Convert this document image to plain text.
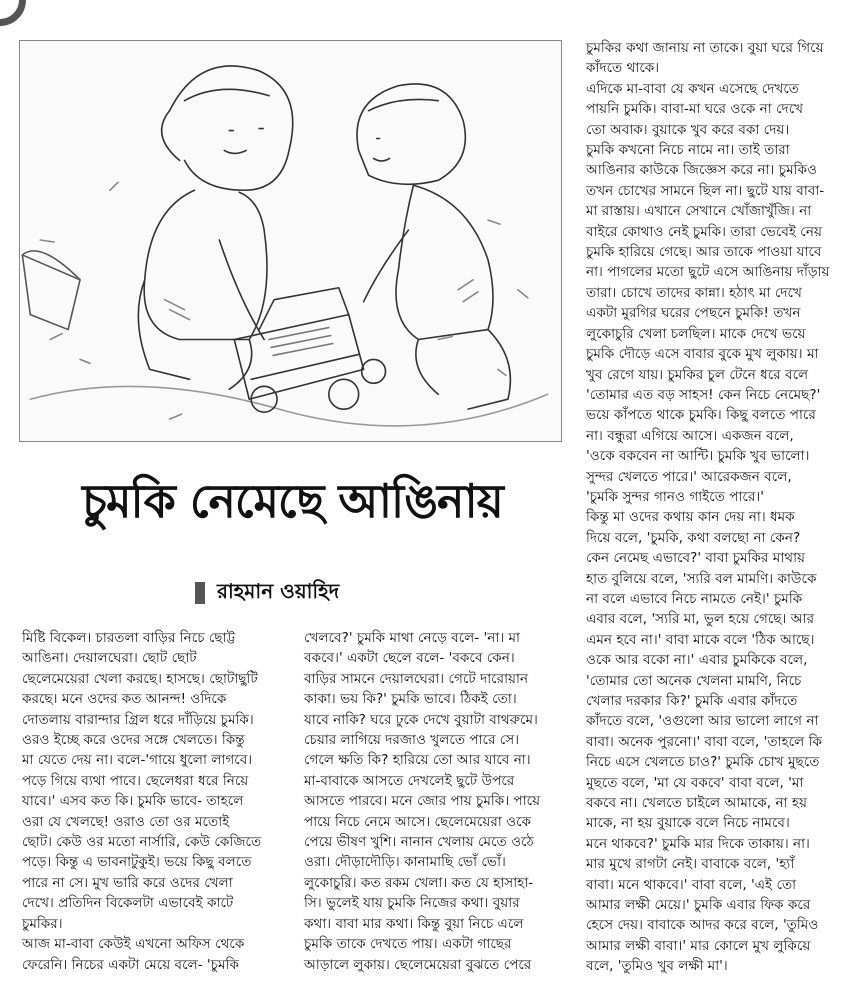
চুমকি নেমেছে আঙিনায়
রাহমান ওয়াহিদ

মিষ্টি বিকেল। চারতলা বাড়ির নিচে ছোট্ট

আঙিনা। দেয়ালঘেরা। ছোট ছোট

ছেলেমেয়েরা খেলা করছে। হাসছে। ছোটাছুটি

করছে। মনে ওদের কত আনন্দ! ওদিকে

দোতলায় বারান্দার গ্রিল ধরে দাঁড়িয়ে চুমকি।

ওরও ইচ্ছে করে ওদের সঙ্গে খেলতে। কিন্তু

মা যেতে দেয় না। বলে-'গায়ে ধুলো লাগবে।

পড়ে গিয়ে ব্যথা পাবে। ছেলেধরা ধরে নিয়ে

যাবে।' এসব কত কি। চুমকি ভাবে- তাহলে

ওরা যে খেলছে! ওরাও তো ওর মতোই

ছোট। কেউ ওর মতো নার্সারি, কেউ কেজিতে

পড়ে। কিন্তু এ ভাবনাটুকুই। ভয়ে কিছু বলতে

পারে না সে। মুখ ভারি করে ওদের খেলা

দেখে। প্রতিদিন বিকেলটা এভাবেই কাটে

চুমকির।

আজ মা-বাবা কেউই এখনো অফিস থেকে

ফেরেনি। নিচের একটা মেয়ে বলে- 'চুমকি

খেলবে?' চুমকি মাথা নেড়ে বলে- 'না। মা

বকবে।' একটা ছেলে বলে- 'বকবে কেন।

বাড়ির সামনে দেয়ালঘেরা। গেটে দারোয়ান

কাকা। ভয় কি?' চুমকি ভাবে। ঠিকই তো।

যাবে নাকি? ঘরে ঢুকে দেখে বুয়াটা বাথরুমে।

চেয়ার লাগিয়ে দরজাও খুলতে পারে সে।

গেলে ক্ষতি কি? হারিয়ে তো আর যাবে না।

মা-বাবাকে আসতে দেখলেই ছুটে উপরে

আসতে পারবে। মনে জোর পায় চুমকি। পায়ে

পায়ে নিচে নেমে আসে। ছেলেমেয়েরা ওকে

পেয়ে ভীষণ খুশি। নানান খেলায় মেতে ওঠে

ওরা। দৌড়াদৌড়ি। কানামাছি ভোঁ ভোঁ।

লুকোচুরি। কত রকম খেলা। কত যে হাসাহা-

সি। ভুলেই যায় চুমকি নিজের কথা। বুয়ার

কথা। বাবা মার কথা। কিন্তু বুয়া নিচে এলে

চুমকি তাকে দেখতে পায়। একটা গাছের

আড়ালে লুকায়। ছেলেমেয়েরা বুঝতে পেরে

চুমকির কথা জানায় না তাকে। বুয়া ঘরে গিয়ে

কাঁদতে থাকে।

এদিকে মা-বাবা যে কখন এসেছে দেখতে

পায়নি চুমকি। বাবা-মা ঘরে ওকে না দেখে

তো অবাক। বুয়াকে খুব করে বকা দেয়।

চুমকি কখনো নিচে নামে না। তাই তারা

আঙিনার কাউকে জিজ্ঞেস করে না। চুমকিও

তখন চোখের সামনে ছিল না। ছুটে যায় বাবা-

মা রাস্তায়। এখানে সেখানে খোঁজাখুঁজি। না

বাইরে কোথাও নেই চুমকি। তারা ভেবেই নেয়

চুমকি হারিয়ে গেছে। আর তাকে পাওয়া যাবে

না। পাগলের মতো ছুটে এসে আঙিনায় দাঁড়ায়

তারা। চোখে তাদের কান্না। হঠাৎ মা দেখে

একটা মুরগির ঘরের পেছনে চুমকি! তখন

লুকোচুরি খেলা চলছিল। মাকে দেখে ভয়ে

চুমকি দৌড়ে এসে বাবার বুকে মুখ লুকায়। মা

খুব রেগে যায়। চুমকির চুল টেনে ধরে বলে

'তোমার এত বড় সাহস! কেন নিচে নেমেছ?'

ভয়ে কাঁপতে থাকে চুমকি। কিছু বলতে পারে

না। বন্ধুরা এগিয়ে আসে। একজন বলে,

'ওকে বকবেন না আন্টি। চুমকি খুব ভালো।

সুন্দর খেলতে পারে।' আরেকজন বলে,

'চুমকি সুন্দর গানও গাইতে পারে।'

কিন্তু মা ওদের কথায় কান দেয় না। ধমক

দিয়ে বলে, 'চুমকি, কথা বলছো না কেন?

কেন নেমেছ এভাবে?' বাবা চুমকির মাথায়

হাত বুলিয়ে বলে, 'স্যরি বল মামণি। কাউকে

না বলে এভাবে নিচে নামতে নেই।' চুমকি

এবার বলে, 'স্যরি মা, ভুল হয়ে গেছে। আর

এমন হবে না।' বাবা মাকে বলে 'ঠিক আছে।

ওকে আর বকো না।' এবার চুমকিকে বলে,

'তোমার তো অনেক খেলনা মামণি, নিচে

খেলার দরকার কি?' চুমকি এবার কাঁদতে

কাঁদতে বলে, 'ওগুলো আর ভালো লাগে না

বাবা। অনেক পুরনো।' বাবা বলে, 'তাহলে কি

নিচে এসে খেলতে চাও?' চুমকি চোখ মুছতে

মুছতে বলে, 'মা যে বকবে' বাবা বলে, 'মা

বকবে না। খেলতে চাইলে আমাকে, না হয়

মাকে, না হয় বুয়াকে বলে নিচে নামবে।

মনে থাকবে?' চুমকি মার দিকে তাকায়। না।

মার মুখে রাগটা নেই। বাবাকে বলে, 'হ্যাঁ

বাবা। মনে থাকবে।' বাবা বলে, 'এই তো

আমার লক্ষী মেয়ে।' চুমকি এবার ফিক করে

হেসে দেয়। বাবাকে আদর করে বলে, 'তুমিও

আমার লক্ষী বাবা।' মার কোলে মুখ লুকিয়ে

বলে, 'তুমিও খুব লক্ষী মা'।
